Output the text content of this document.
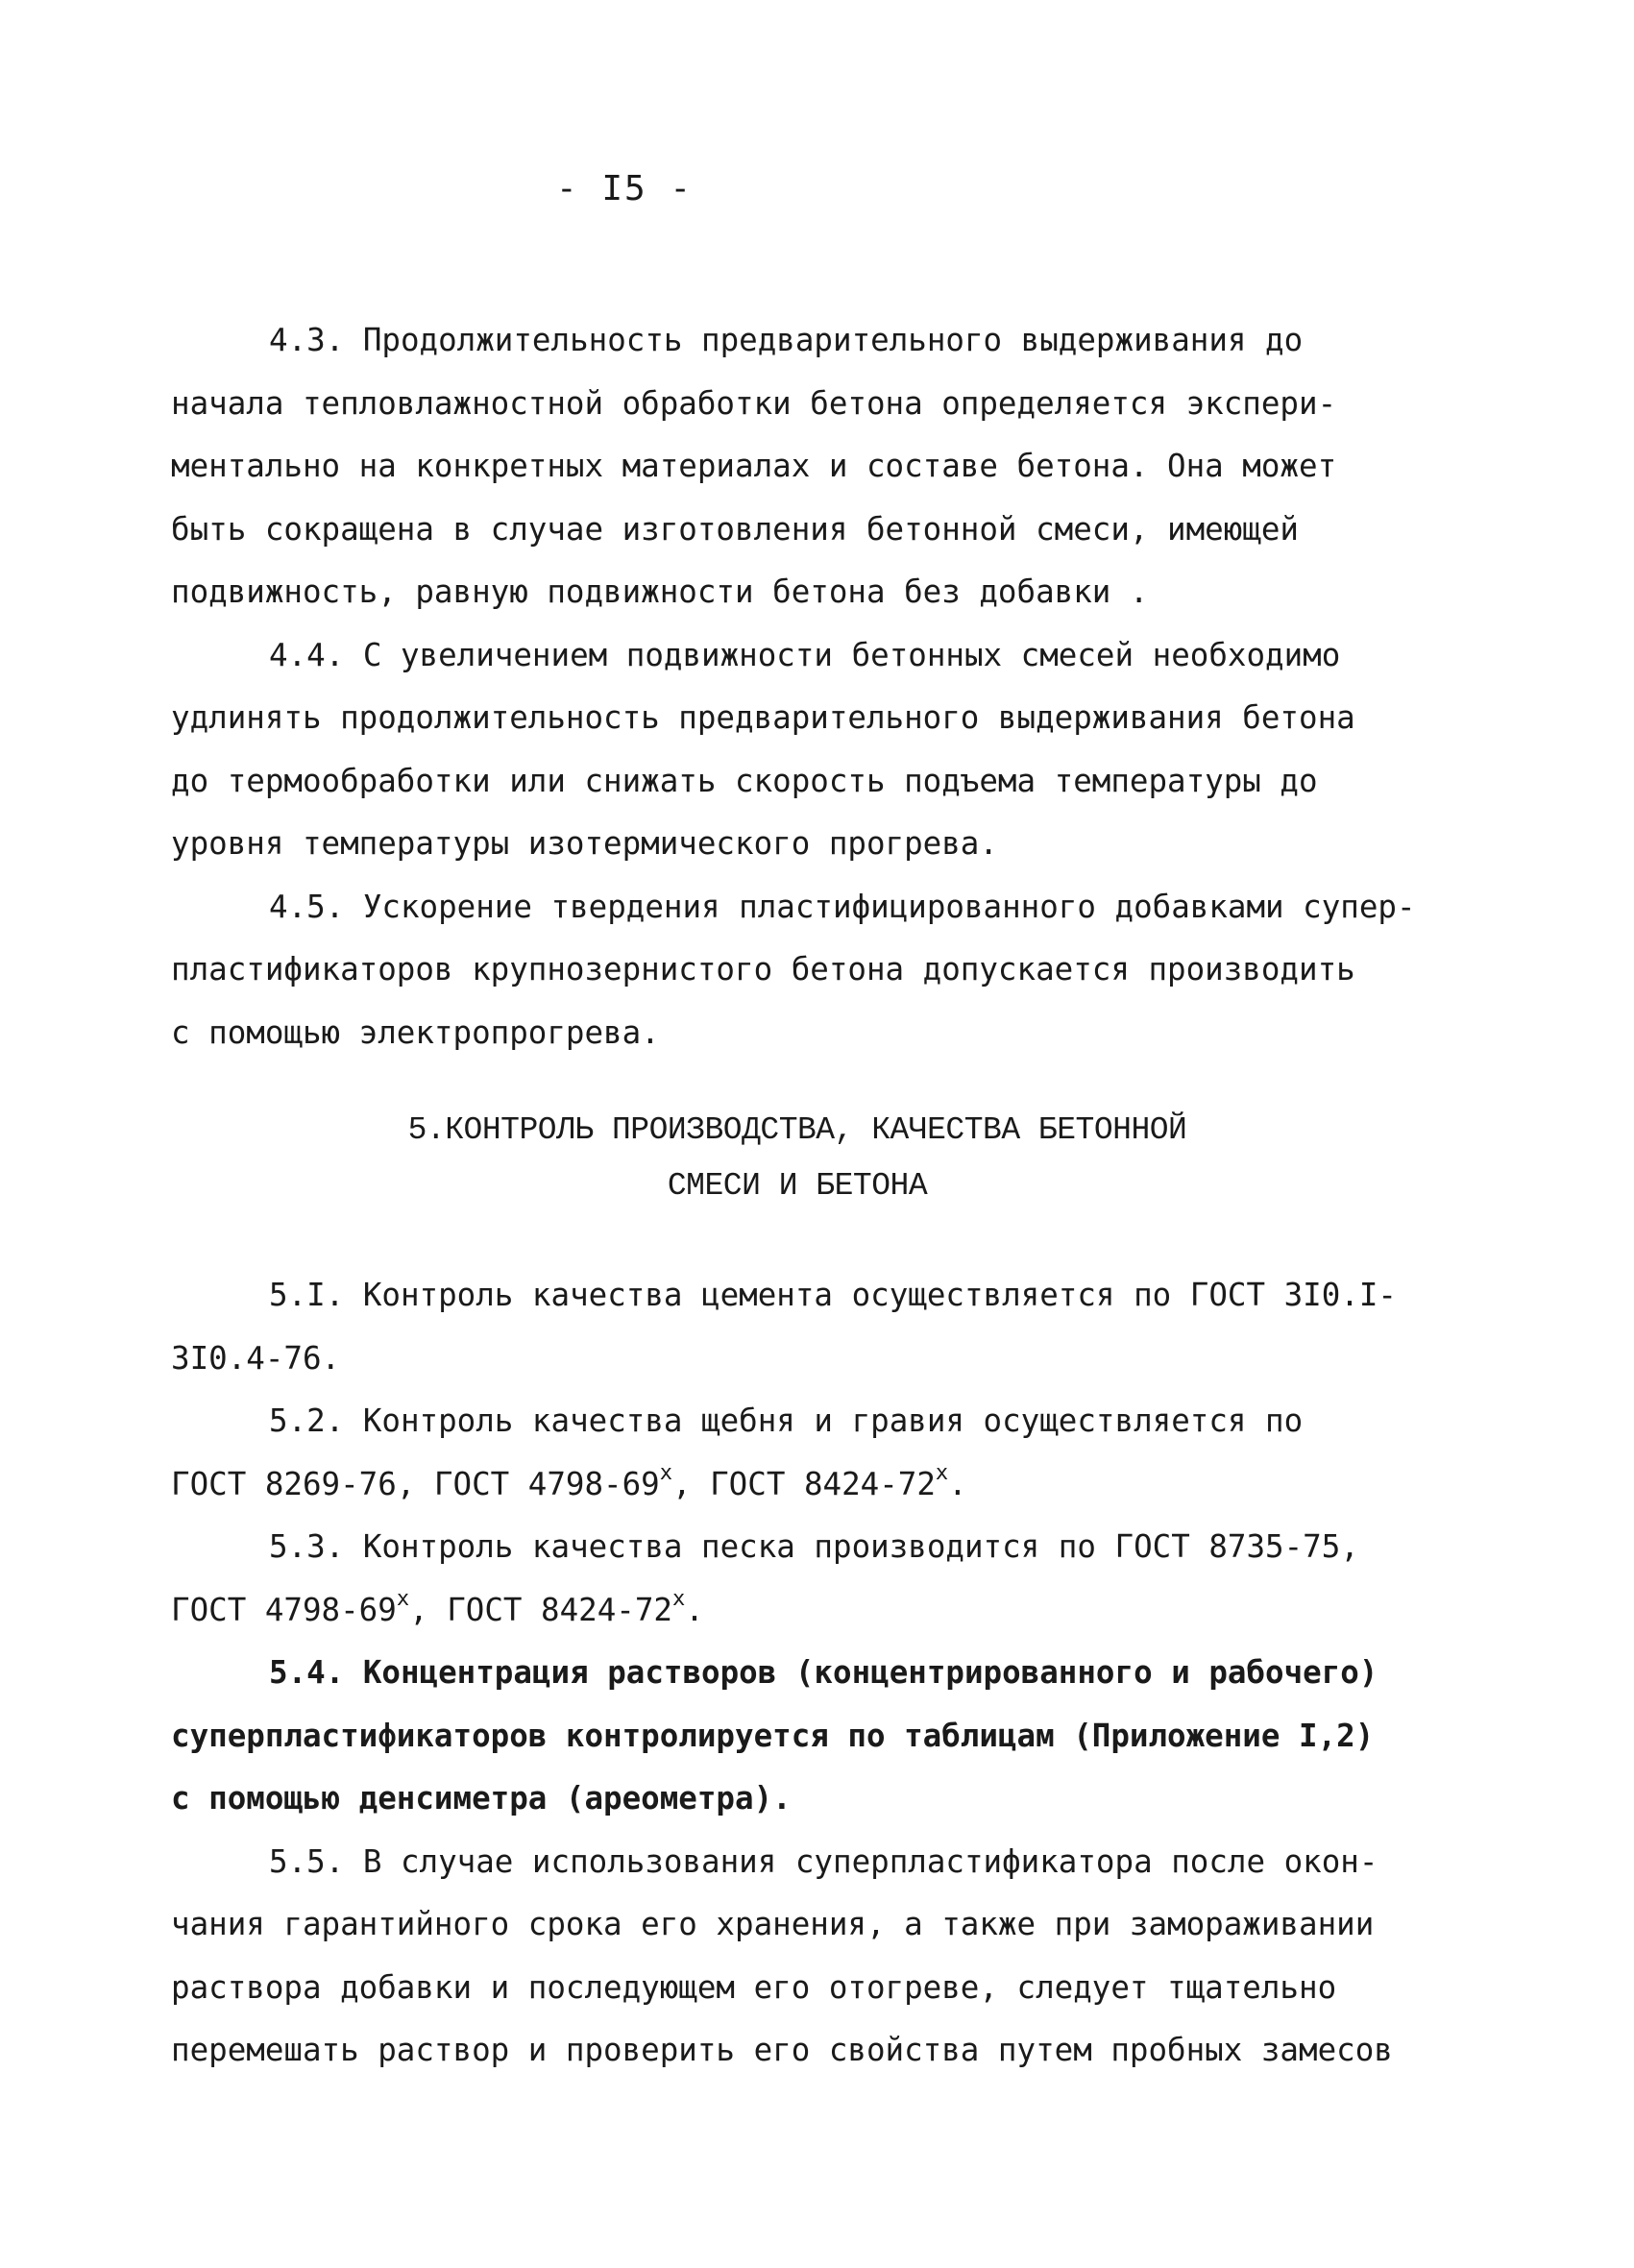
- I5 -

4.3. Продолжительность предварительного выдерживания до
начала тепловлажностной обработки бетона определяется экспери-
ментально на конкретных материалах и составе бетона. Она может
быть сокращена в случае изготовления бетонной смеси, имеющей
подвижность, равную подвижности бетона без добавки .

4.4. С увеличением подвижности бетонных смесей необходимо
удлинять продолжительность предварительного выдерживания бетона
до термообработки или снижать скорость подъема температуры до
уровня температуры изотермического прогрева.

4.5. Ускорение твердения пластифицированного добавками супер-
пластификаторов крупнозернистого бетона допускается производить
с помощью электропрогрева.

5.КОНТРОЛЬ ПРОИЗВОДСТВА, КАЧЕСТВА БЕТОННОЙ
СМЕСИ И БЕТОНА

5.I. Контроль качества цемента осуществляется по ГОСТ 3I0.I-
3I0.4-76.

5.2. Контроль качества щебня и гравия осуществляется по
ГОСТ 8269-76, ГОСТ 4798-69$^x$, ГОСТ 8424-72$^x$.

5.3. Контроль качества песка производится по ГОСТ 8735-75,
ГОСТ 4798-69$^x$, ГОСТ 8424-72$^x$.

5.4. Концентрация растворов (концентрированного и рабочего)
суперпластификаторов контролируется по таблицам (Приложение I,2)
с помощью денсиметра (ареометра).

5.5. В случае использования суперпластификатора после окон-
чания гарантийного срока его хранения, а также при замораживании
раствора добавки и последующем его отогреве, следует тщательно
перемешать раствор и проверить его свойства путем пробных замесов
